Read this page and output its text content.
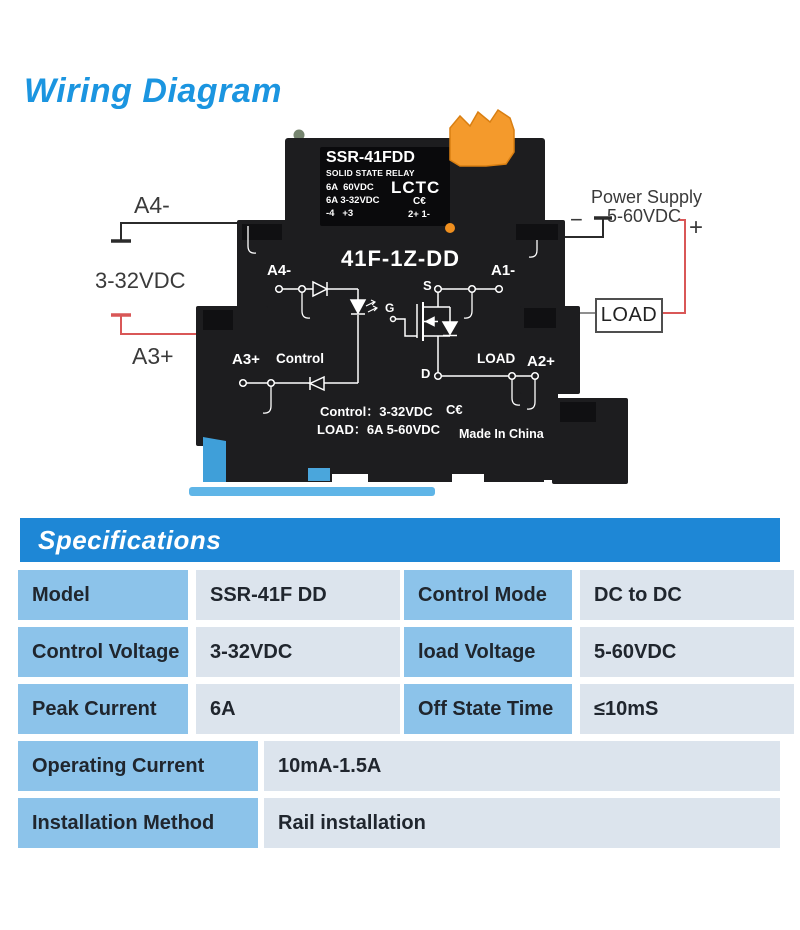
Wiring Diagram
A4-
3-32VDC
A3+
Power Supply
5-60VDC
−	+
LOAD
SSR-41FDD
SOLID STATE RELAY
6A  60VDC
6A 3-32VDC
-4   +3
LCTC
C€
2+ 1-
41F-1Z-DD
A4-	A1-
S
G
D
A3+ Control	LOAD A2+
Control：3-32VDC C€
LOAD：6A 5-60VDC Made In China
Specifications
Model	SSR-41F DD	Control Mode	DC to DC
Control Voltage	3-32VDC	load Voltage	5-60VDC
Peak Current	6A	Off State Time	≤10mS
Operating Current	10mA-1.5A
Installation Method	Rail installation
